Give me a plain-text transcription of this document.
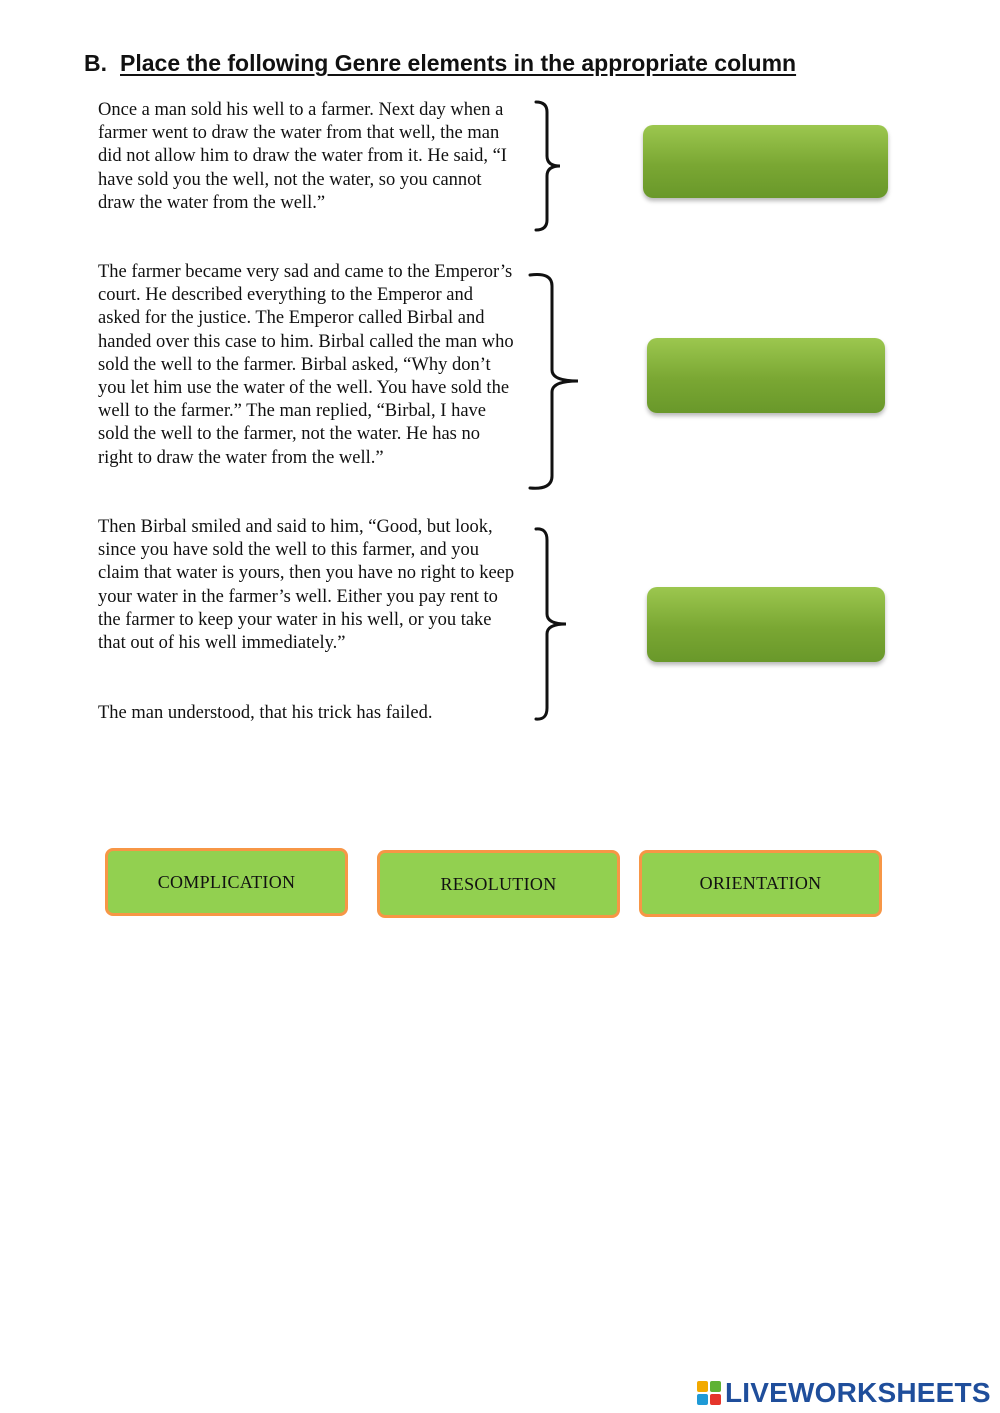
B. Place the following Genre elements in the appropriate column

Once a man sold his well to a farmer. Next day when a farmer went to draw the water from that well, the man did not allow him to draw the water from it. He said, “I have sold you the well, not the water, so you cannot draw the water from the well.”

The farmer became very sad and came to the Emperor’s court. He described everything to the Emperor and asked for the justice. The Emperor called Birbal and handed over this case to him. Birbal called the man who sold the well to the farmer. Birbal asked, “Why don’t you let him use the water of the well. You have sold the well to the farmer.” The man replied, “Birbal, I have sold the well to the farmer, not the water. He has no right to draw the water from the well.”

Then Birbal smiled and said to him, “Good, but look, since you have sold the well to this farmer, and you claim that water is yours, then you have no right to keep your water in the farmer’s well. Either you pay rent to the farmer to keep your water in his well, or you take that out of his well immediately.”

The man understood, that his trick has failed.

COMPLICATION	RESOLUTION	ORIENTATION
LIVEWORKSHEETS
